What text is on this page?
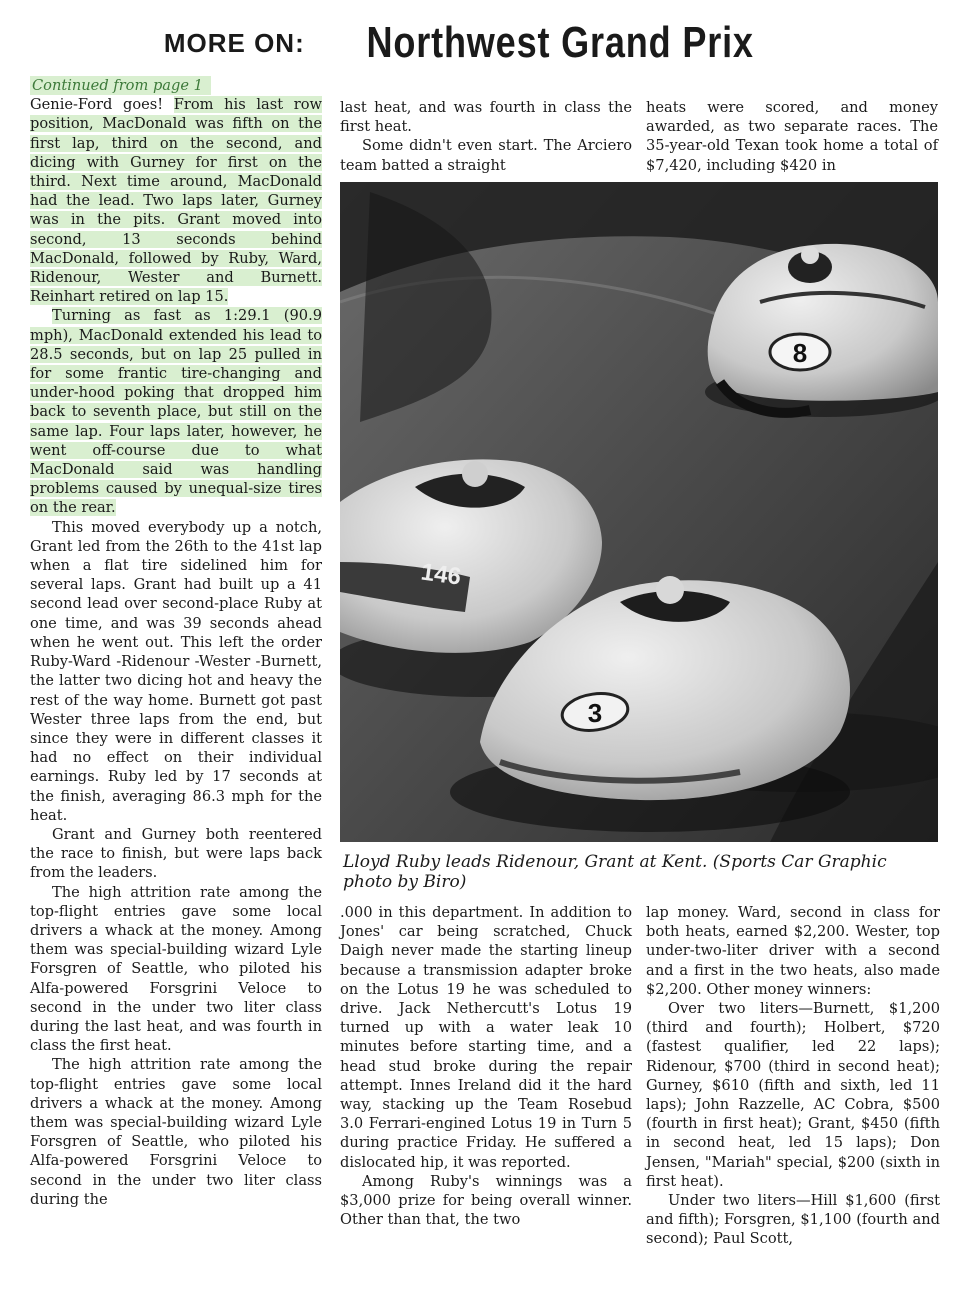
MORE ON: Northwest Grand Prix
Continued from page 1

Genie-Ford goes! From his last row position, MacDonald was fifth on the first lap, third on the second, and dicing with Gurney for first on the third. Next time around, MacDonald had the lead. Two laps later, Gurney was in the pits. Grant moved into second, 13 seconds behind MacDonald, followed by Ruby, Ward, Ridenour, Wester and Burnett. Reinhart retired on lap 15.

Turning as fast as 1:29.1 (90.9 mph), MacDonald extended his lead to 28.5 seconds, but on lap 25 pulled in for some frantic tire-changing and under-hood poking that dropped him back to seventh place, but still on the same lap. Four laps later, however, he went off-course due to what MacDonald said was handling problems caused by unequal-size tires on the rear.

This moved everybody up a notch, Grant led from the 26th to the 41st lap when a flat tire sidelined him for several laps. Grant had built up a 41 second lead over second-place Ruby at one time, and was 39 seconds ahead when he went out. This left the order Ruby-Ward -Ridenour -Wester -Burnett, the latter two dicing hot and heavy the rest of the way home. Burnett got past Wester three laps from the end, but since they were in different classes it had no effect on their individual earnings. Ruby led by 17 seconds at the finish, averaging 86.3 mph for the heat.

Grant and Gurney both reentered the race to finish, but were laps back from the leaders.

The high attrition rate among the top-flight entries gave some local drivers a whack at the money. Among them was special-building wizard Lyle Forsgren of Seattle, who piloted his Alfa-powered Forsgrini Veloce to second in the under two liter class during the last heat, and was fourth in class the first heat.

The high attrition rate among the top-flight entries gave some local drivers a whack at the money. Among them was special-building wizard Lyle Forsgren of Seattle, who piloted his Alfa-powered Forsgrini Veloce to second in the under two liter class during the

last heat, and was fourth in class the first heat.

Some didn't even start. The Arciero team batted a straight

heats were scored, and money awarded, as two separate races. The 35-year-old Texan took home a total of $7,420, including $420 in

8
146
3
Lloyd Ruby leads Ridenour, Grant at Kent. (Sports Car Graphic photo by Biro)

.000 in this department. In addition to Jones' car being scratched, Chuck Daigh never made the starting lineup because a transmission adapter broke on the Lotus 19 he was scheduled to drive. Jack Nethercutt's Lotus 19 turned up with a water leak 10 minutes before starting time, and a head stud broke during the repair attempt. Innes Ireland did it the hard way, stacking up the Team Rosebud 3.0 Ferrari-engined Lotus 19 in Turn 5 during practice Friday. He suffered a dislocated hip, it was reported.

Among Ruby's winnings was a $3,000 prize for being overall winner. Other than that, the two

lap money. Ward, second in class for both heats, earned $2,200. Wester, top under-two-liter driver with a second and a first in the two heats, also made $2,200. Other money winners:

Over two liters—Burnett, $1,200 (third and fourth); Holbert, $720 (fastest qualifier, led 22 laps); Ridenour, $700 (third in second heat); Gurney, $610 (fifth and sixth, led 11 laps); John Razzelle, AC Cobra, $500 (fourth in first heat); Grant, $450 (fifth in second heat, led 15 laps); Don Jensen, "Mariah" special, $200 (sixth in first heat).

Under two liters—Hill $1,600 (first and fifth); Forsgren, $1,100 (fourth and second); Paul Scott,
